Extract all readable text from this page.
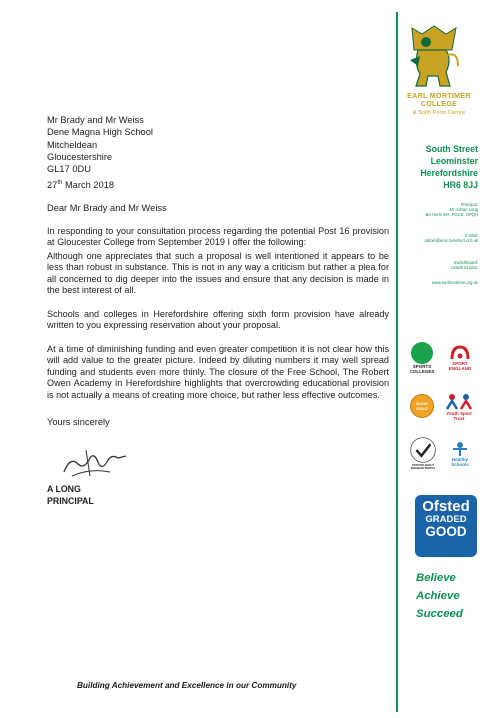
Mr Brady and Mr Weiss
Dene Magna High School
Mitcheldean
Gloucestershire
GL17 0DU
27th March 2018
Dear Mr Brady and Mr Weiss

In responding to your consultation process regarding the potential Post 16 provision at Gloucester College from September 2019 I offer the following:

Although one appreciates that such a proposal is well intentioned it appears to be less than robust in substance. This is not in any way a criticism but rather a plea for all concerned to dig deeper into the issues and ensure that any decision is made in the best interest of all.

Schools and colleges in Herefordshire offering sixth form provision have already written to you expressing reservation about your proposal.

At a time of diminishing funding and even greater competition it is not clear how this will add value to the greater picture. Indeed by diluting numbers it may well spread funding and students even more thinly. The closure of the Free School, The Robert Owen Academy in Herefordshire highlights that overcrowding educational provision is not actually a means of creating more choice, but rather less effective outcomes.

Yours sincerely
A LONG
PRINCIPAL
Building Achievement and Excellence in our Community
EARL MORTIMER
COLLEGE
& Sixth Form Centre
South Street
Leominster
Herefordshire
HR6 8JJ
Principal:
Mr Adrian Long
BA Hons MA, PGCE, NPQH
E-Mail:
admin@emc.hereford.sch.uk
Switchboard:
01568 613221
www.earlmortimer.org.uk
SPORTS COLLEGES
SPORT
ENGLAND
BAGS GOLD
Youth Sport Trust
POSITIVE ABOUT DISABLED PEOPLE
Healthy Schools
Ofsted
GRADED
GOOD
Believe
Achieve
Succeed
